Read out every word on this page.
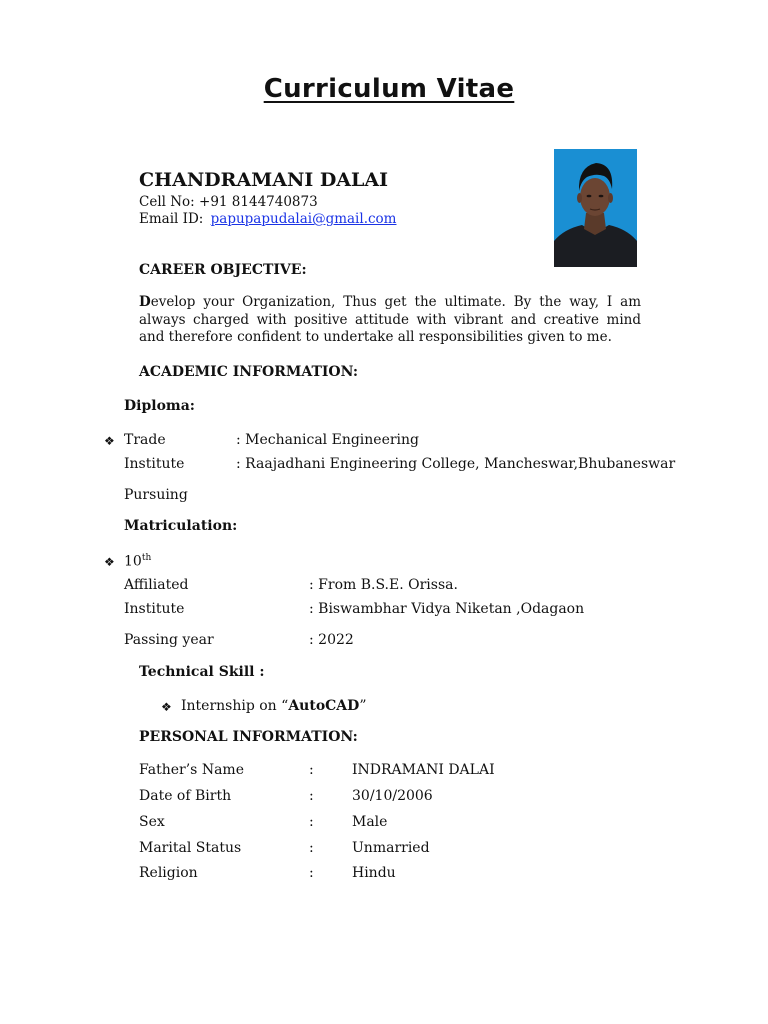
Curriculum Vitae
CHANDRAMANI DALAI
Cell No: +91 8144740873
Email ID: papupapudalai@gmail.com
CAREER OBJECTIVE:
Develop your Organization, Thus get the ultimate. By the way, I am always charged with positive attitude with vibrant and creative mind and therefore confident to undertake all responsibilities given to me.
ACADEMIC INFORMATION:
Diploma:
❖ Trade	: Mechanical Engineering
Institute	: Raajadhani Engineering College, Mancheswar,Bhubaneswar
Pursuing
Matriculation:
❖ 10th
Affiliated	: From B.S.E. Orissa.
Institute	: Biswambhar Vidya Niketan ,Odagaon
Passing year	: 2022
Technical Skill :
❖ Internship on “AutoCAD”
PERSONAL INFORMATION:
Father’s Name	:	INDRAMANI DALAI
Date of Birth	:	30/10/2006
Sex	:	Male
Marital Status	:	Unmarried
Religion	:	Hindu
